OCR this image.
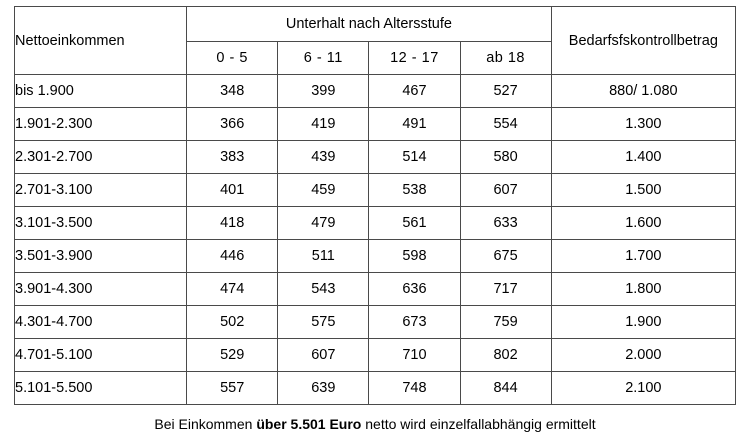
Nettoeinkommen	Unterhalt nach Altersstufe				Bedarfsfskontrollbetrag
	0 - 5	6 - 11	12 - 17	ab 18	
bis 1.900	348	399	467	527	880/ 1.080
1.901-2.300	366	419	491	554	1.300
2.301-2.700	383	439	514	580	1.400
2.701-3.100	401	459	538	607	1.500
3.101-3.500	418	479	561	633	1.600
3.501-3.900	446	511	598	675	1.700
3.901-4.300	474	543	636	717	1.800
4.301-4.700	502	575	673	759	1.900
4.701-5.100	529	607	710	802	2.000
5.101-5.500	557	639	748	844	2.100
Bei Einkommen über 5.501 Euro netto wird einzelfallabhängig ermittelt
